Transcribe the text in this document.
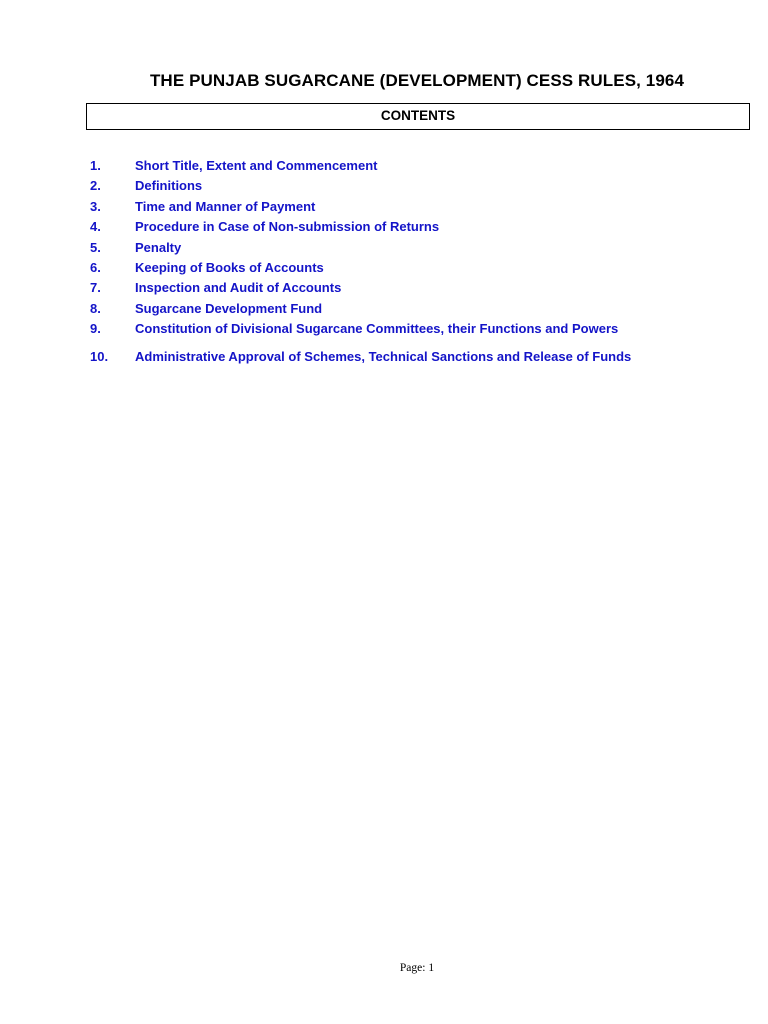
THE PUNJAB SUGARCANE (DEVELOPMENT) CESS RULES, 1964
CONTENTS
1.	Short Title, Extent and Commencement
2.	Definitions
3.	Time and Manner of Payment
4.	Procedure in Case of Non-submission of Returns
5.	Penalty
6.	Keeping of Books of Accounts
7.	Inspection and Audit of Accounts
8.	Sugarcane Development Fund
9.	Constitution of Divisional Sugarcane Committees, their Functions and Powers
10.	Administrative Approval of Schemes, Technical Sanctions and Release of Funds
Page: 1
